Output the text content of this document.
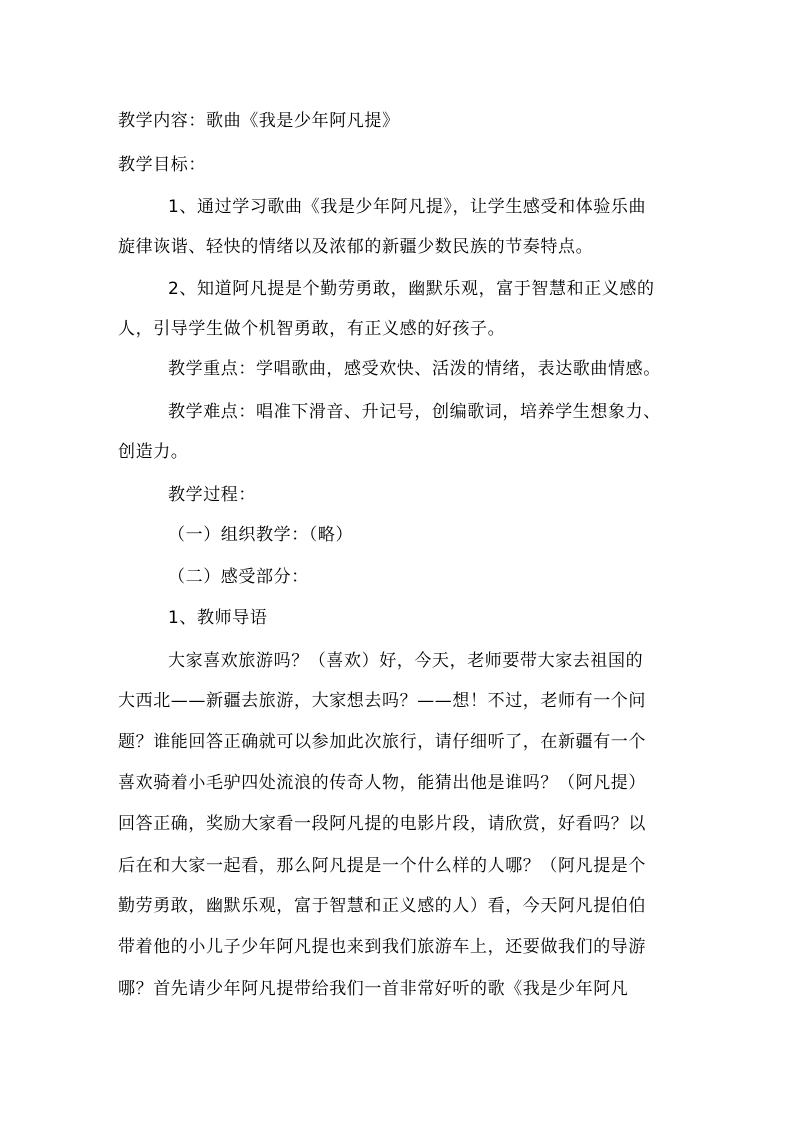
教学内容：歌曲《我是少年阿凡提》
教学目标：
1、通过学习歌曲《我是少年阿凡提》，让学生感受和体验乐曲
旋律诙谐、轻快的情绪以及浓郁的新疆少数民族的节奏特点。
2、知道阿凡提是个勤劳勇敢，幽默乐观，富于智慧和正义感的
人，引导学生做个机智勇敢，有正义感的好孩子。
教学重点：学唱歌曲，感受欢快、活泼的情绪，表达歌曲情感。
教学难点：唱准下滑音、升记号，创编歌词，培养学生想象力、
创造力。
教学过程：
（一）组织教学：（略）
（二）感受部分：
1、教师导语
大家喜欢旅游吗？（喜欢）好，今天，老师要带大家去祖国的
大西北——新疆去旅游，大家想去吗？——想！不过，老师有一个问
题？谁能回答正确就可以参加此次旅行，请仔细听了，在新疆有一个
喜欢骑着小毛驴四处流浪的传奇人物，能猜出他是谁吗？（阿凡提）
回答正确，奖励大家看一段阿凡提的电影片段，请欣赏，好看吗？以
后在和大家一起看，那么阿凡提是一个什么样的人哪？（阿凡提是个
勤劳勇敢，幽默乐观，富于智慧和正义感的人）看，今天阿凡提伯伯
带着他的小儿子少年阿凡提也来到我们旅游车上，还要做我们的导游
哪？首先请少年阿凡提带给我们一首非常好听的歌《我是少年阿凡
